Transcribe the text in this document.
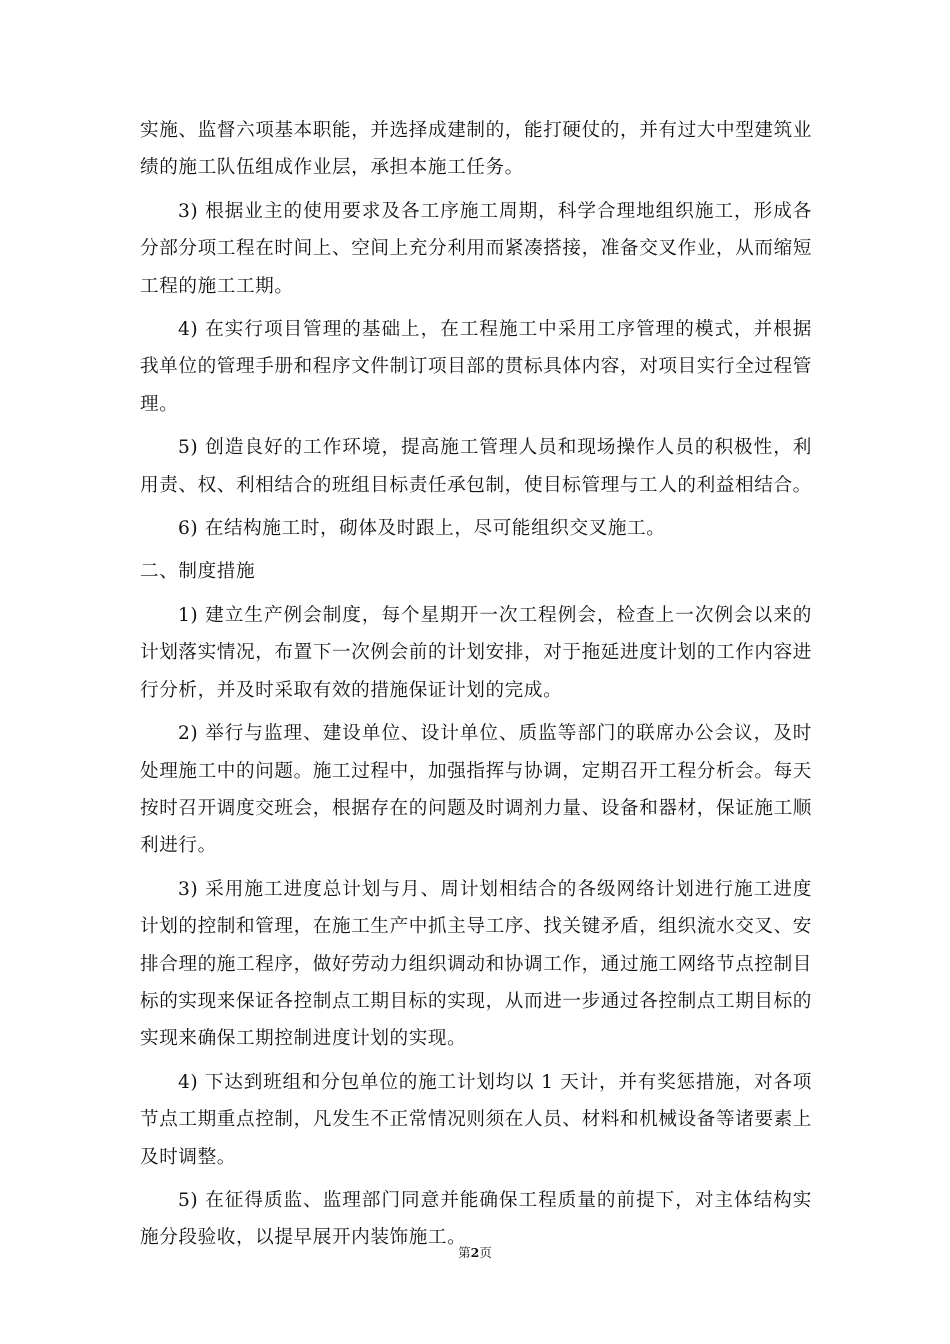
实施、监督六项基本职能，并选择成建制的，能打硬仗的，并有过大中型建筑业绩的施工队伍组成作业层，承担本施工任务。

3) 根据业主的使用要求及各工序施工周期，科学合理地组织施工，形成各分部分项工程在时间上、空间上充分利用而紧凑搭接，准备交叉作业，从而缩短工程的施工工期。

4) 在实行项目管理的基础上，在工程施工中采用工序管理的模式，并根据我单位的管理手册和程序文件制订项目部的贯标具体内容，对项目实行全过程管理。

5) 创造良好的工作环境，提高施工管理人员和现场操作人员的积极性，利用责、权、利相结合的班组目标责任承包制，使目标管理与工人的利益相结合。

6) 在结构施工时，砌体及时跟上，尽可能组织交叉施工。

二、制度措施

1) 建立生产例会制度，每个星期开一次工程例会，检查上一次例会以来的计划落实情况，布置下一次例会前的计划安排，对于拖延进度计划的工作内容进行分析，并及时采取有效的措施保证计划的完成。

2) 举行与监理、建设单位、设计单位、质监等部门的联席办公会议，及时处理施工中的问题。施工过程中，加强指挥与协调，定期召开工程分析会。每天按时召开调度交班会，根据存在的问题及时调剂力量、设备和器材，保证施工顺利进行。

3) 采用施工进度总计划与月、周计划相结合的各级网络计划进行施工进度计划的控制和管理，在施工生产中抓主导工序、找关键矛盾，组织流水交叉、安排合理的施工程序，做好劳动力组织调动和协调工作，通过施工网络节点控制目标的实现来保证各控制点工期目标的实现，从而进一步通过各控制点工期目标的实现来确保工期控制进度计划的实现。

4) 下达到班组和分包单位的施工计划均以 1 天计，并有奖惩措施，对各项节点工期重点控制，凡发生不正常情况则须在人员、材料和机械设备等诸要素上及时调整。

5) 在征得质监、监理部门同意并能确保工程质量的前提下，对主体结构实施分段验收，以提早展开内装饰施工。

第2页
